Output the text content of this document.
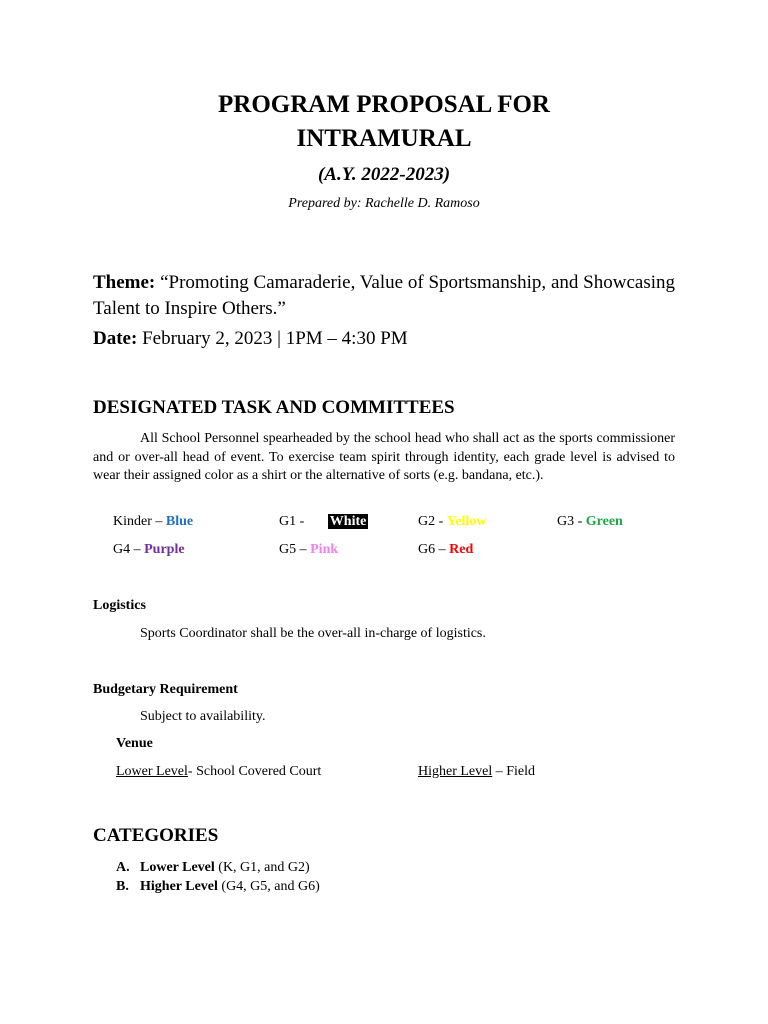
PROGRAM PROPOSAL FOR
INTRAMURAL
(A.Y. 2022-2023)
Prepared by: Rachelle D. Ramoso
Theme: “Promoting Camaraderie, Value of Sportsmanship, and Showcasing Talent to Inspire Others.”
Date: February 2, 2023 | 1PM – 4:30 PM
DESIGNATED TASK AND COMMITTEES
All School Personnel spearheaded by the school head who shall act as the sports commissioner and or over-all head of event. To exercise team spirit through identity, each grade level is advised to wear their assigned color as a shirt or the alternative of sorts (e.g. bandana, etc.).
Kinder – Blue	G1 - White	G2 - Yellow	G3 - Green
G4 – Purple	G5 – Pink	G6 – Red
Logistics
Sports Coordinator shall be the over-all in-charge of logistics.
Budgetary Requirement
Subject to availability.
Venue
Lower Level- School Covered Court	Higher Level – Field
CATEGORIES
A. Lower Level (K, G1, and G2)
B. Higher Level (G4, G5, and G6)
